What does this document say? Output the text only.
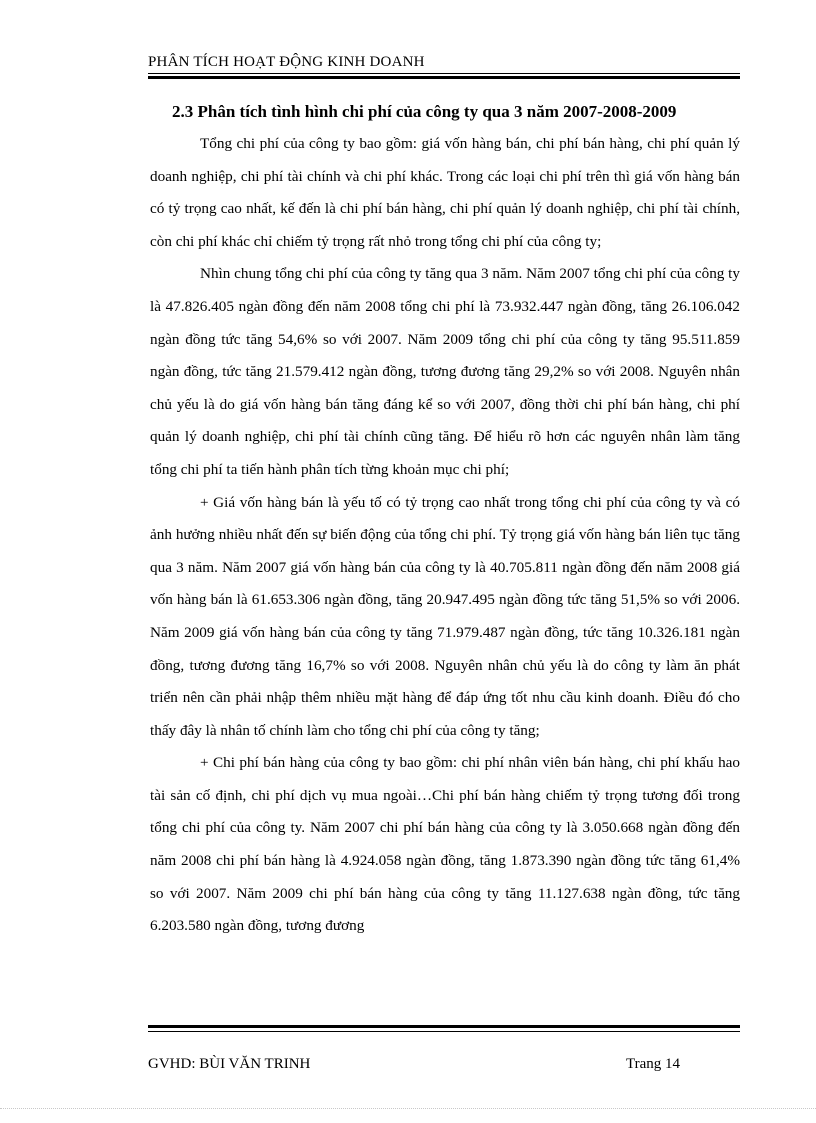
PHÂN TÍCH HOẠT ĐỘNG KINH DOANH
2.3 Phân tích tình hình chi phí của công ty qua 3 năm 2007-2008-2009

Tổng chi phí của công ty bao gồm: giá vốn hàng bán, chi phí bán hàng, chi phí quản lý doanh nghiệp, chi phí tài chính và chi phí khác. Trong các loại chi phí trên thì giá vốn hàng bán có tỷ trọng cao nhất, kế đến là chi phí bán hàng, chi phí quản lý doanh nghiệp, chi phí tài chính, còn chi phí khác chỉ chiếm tỷ trọng rất nhỏ trong tổng chi phí của công ty;

Nhìn chung tổng chi phí của công ty tăng qua 3 năm. Năm 2007 tổng chi phí của công ty là 47.826.405 ngàn đồng đến năm 2008 tổng chi phí là 73.932.447 ngàn đồng, tăng 26.106.042 ngàn đồng tức tăng 54,6% so với 2007. Năm 2009 tổng chi phí của công ty tăng 95.511.859 ngàn đồng, tức tăng 21.579.412 ngàn đồng, tương đương tăng 29,2% so với 2008. Nguyên nhân chủ yếu là do giá vốn hàng bán tăng đáng kể so với 2007, đồng thời chi phí bán hàng, chi phí quản lý doanh nghiệp, chi phí tài chính cũng tăng. Để hiểu rõ hơn các nguyên nhân làm tăng tổng chi phí ta tiến hành phân tích từng khoản mục chi phí;

+ Giá vốn hàng bán là yếu tố có tỷ trọng cao nhất trong tổng chi phí của công ty và có ảnh hưởng nhiều nhất đến sự biến động của tổng chi phí. Tỷ trọng giá vốn hàng bán liên tục tăng qua 3 năm. Năm 2007 giá vốn hàng bán của công ty là 40.705.811 ngàn đồng đến năm 2008 giá vốn hàng bán là 61.653.306 ngàn đồng, tăng 20.947.495 ngàn đồng tức tăng 51,5% so với 2006. Năm 2009 giá vốn hàng bán của công ty tăng 71.979.487 ngàn đồng, tức tăng 10.326.181 ngàn đồng, tương đương tăng 16,7% so với 2008. Nguyên nhân chủ yếu là do công ty làm ăn phát triển nên cần phải nhập thêm nhiều mặt hàng để đáp ứng tốt nhu cầu kinh doanh. Điều đó cho thấy đây là nhân tố chính làm cho tổng chi phí của công ty tăng;

+ Chi phí bán hàng của công ty bao gồm: chi phí nhân viên bán hàng, chi phí khấu hao tài sản cố định, chi phí dịch vụ mua ngoài…Chi phí bán hàng chiếm tỷ trọng tương đối trong tổng chi phí của công ty. Năm 2007 chi phí bán hàng của công ty là 3.050.668 ngàn đồng đến năm 2008 chi phí bán hàng là 4.924.058 ngàn đồng, tăng 1.873.390 ngàn đồng tức tăng 61,4% so với 2007. Năm 2009 chi phí bán hàng của công ty tăng 11.127.638 ngàn đồng, tức tăng 6.203.580 ngàn đồng, tương đương

GVHD: BÙI VĂN TRINH	Trang 14
